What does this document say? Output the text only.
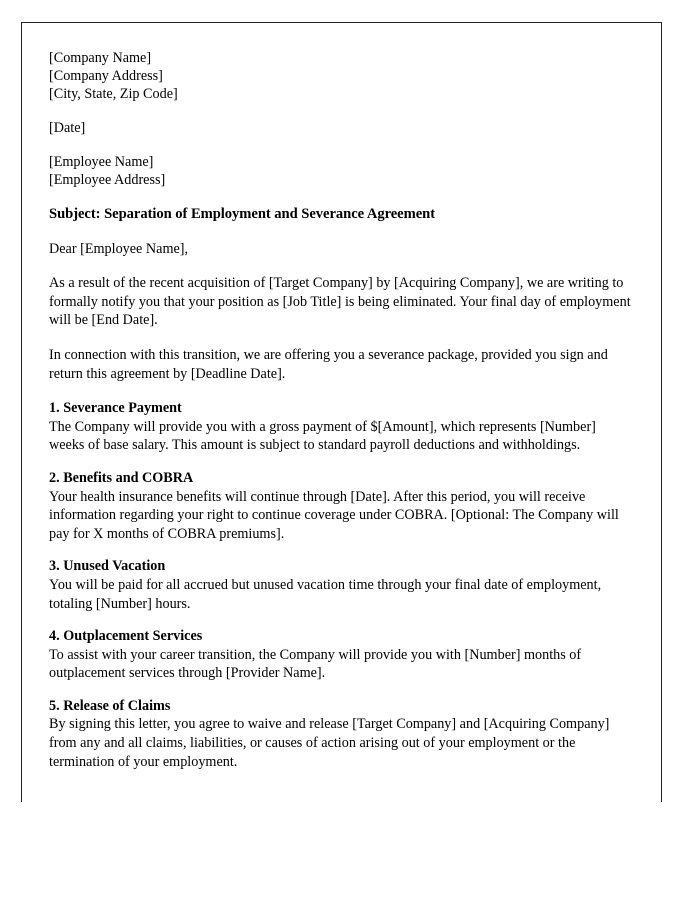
[Company Name]
[Company Address]
[City, State, Zip Code]
[Date]
[Employee Name]
[Employee Address]
Subject: Separation of Employment and Severance Agreement
Dear [Employee Name],
As a result of the recent acquisition of [Target Company] by [Acquiring Company], we are writing to formally notify you that your position as [Job Title] is being eliminated. Your final day of employment will be [End Date].
In connection with this transition, we are offering you a severance package, provided you sign and return this agreement by [Deadline Date].
1. Severance Payment
The Company will provide you with a gross payment of $[Amount], which represents [Number] weeks of base salary. This amount is subject to standard payroll deductions and withholdings.
2. Benefits and COBRA
Your health insurance benefits will continue through [Date]. After this period, you will receive information regarding your right to continue coverage under COBRA. [Optional: The Company will pay for X months of COBRA premiums].
3. Unused Vacation
You will be paid for all accrued but unused vacation time through your final date of employment, totaling [Number] hours.
4. Outplacement Services
To assist with your career transition, the Company will provide you with [Number] months of outplacement services through [Provider Name].
5. Release of Claims
By signing this letter, you agree to waive and release [Target Company] and [Acquiring Company] from any and all claims, liabilities, or causes of action arising out of your employment or the termination of your employment.
